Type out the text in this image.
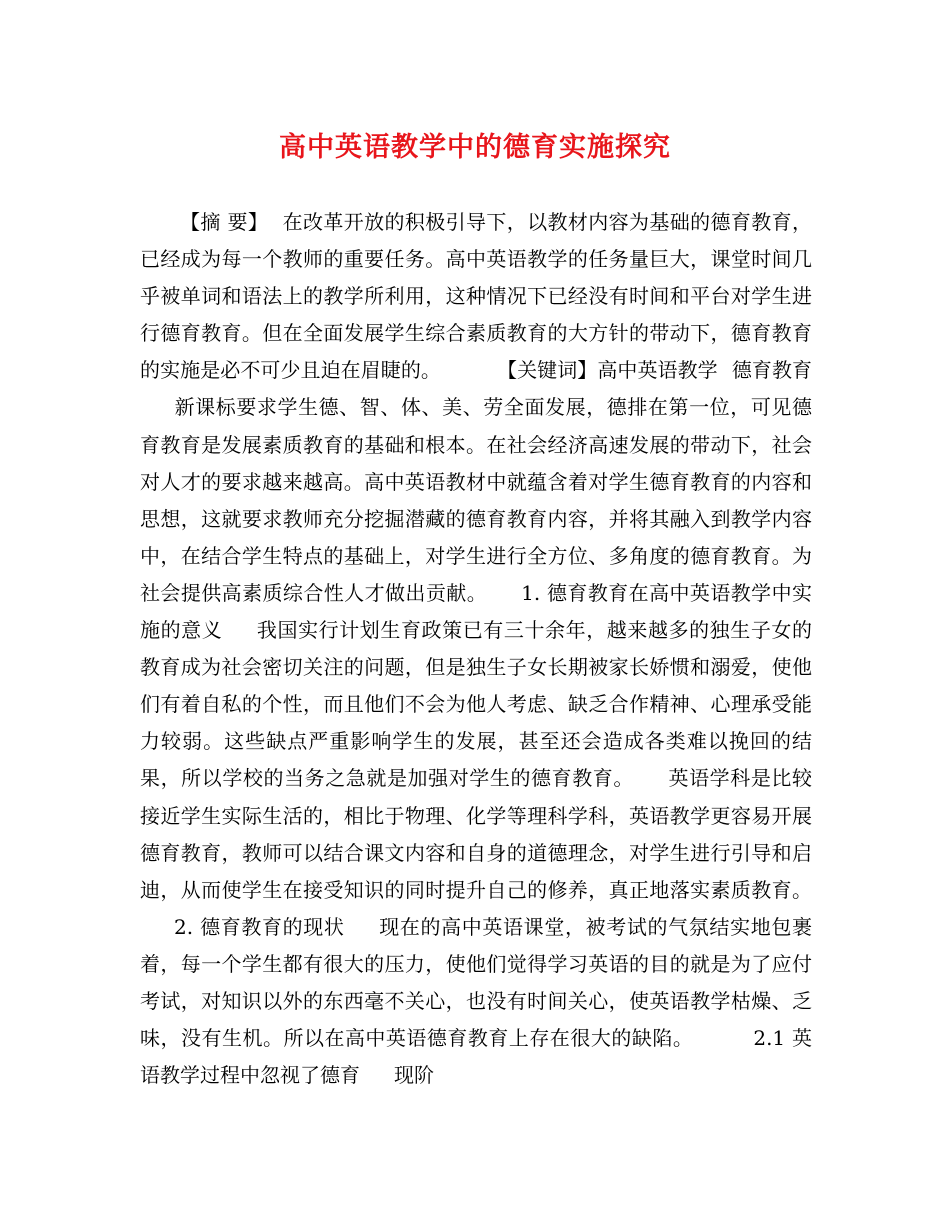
高中英语教学中的德育实施探究
【摘 要】 在改革开放的积极引导下，以教材内容为基础的德育教育，已经成为每一个教师的重要任务。高中英语教学的任务量巨大，课堂时间几乎被单词和语法上的教学所利用，这种情况下已经没有时间和平台对学生进行德育教育。但在全面发展学生综合素质教育的大方针的带动下，德育教育的实施是必不可少且迫在眉睫的。	【关键词】高中英语教学 德育教育新课标要求学生德、智、体、美、劳全面发展，德排在第一位，可见德育教育是发展素质教育的基础和根本。在社会经济高速发展的带动下，社会对人才的要求越来越高。高中英语教材中就蕴含着对学生德育教育的内容和思想，这就要求教师充分挖掘潜藏的德育教育内容，并将其融入到教学内容中，在结合学生特点的基础上，对学生进行全方位、多角度的德育教育。为社会提供高素质综合性人才做出贡献。 1. 德育教育在高中英语教学中实施的意义 我国实行计划生育政策已有三十余年，越来越多的独生子女的教育成为社会密切关注的问题，但是独生子女长期被家长娇惯和溺爱，使他们有着自私的个性，而且他们不会为他人考虑、缺乏合作精神、心理承受能力较弱。这些缺点严重影响学生的发展，甚至还会造成各类难以挽回的结果，所以学校的当务之急就是加强对学生的德育教育。 英语学科是比较接近学生实际生活的，相比于物理、化学等理科学科，英语教学更容易开展德育教育，教师可以结合课文内容和自身的道德理念，对学生进行引导和启迪，从而使学生在接受知识的同时提升自己的修养，真正地落实素质教育。2. 德育教育的现状 现在的高中英语课堂，被考试的气氛结实地包裹着，每一个学生都有很大的压力，使他们觉得学习英语的目的就是为了应付考试，对知识以外的东西毫不关心，也没有时间关心，使英语教学枯燥、乏味，没有生机。所以在高中英语德育教育上存在很大的缺陷。	2.1 英语教学过程中忽视了德育 现阶
